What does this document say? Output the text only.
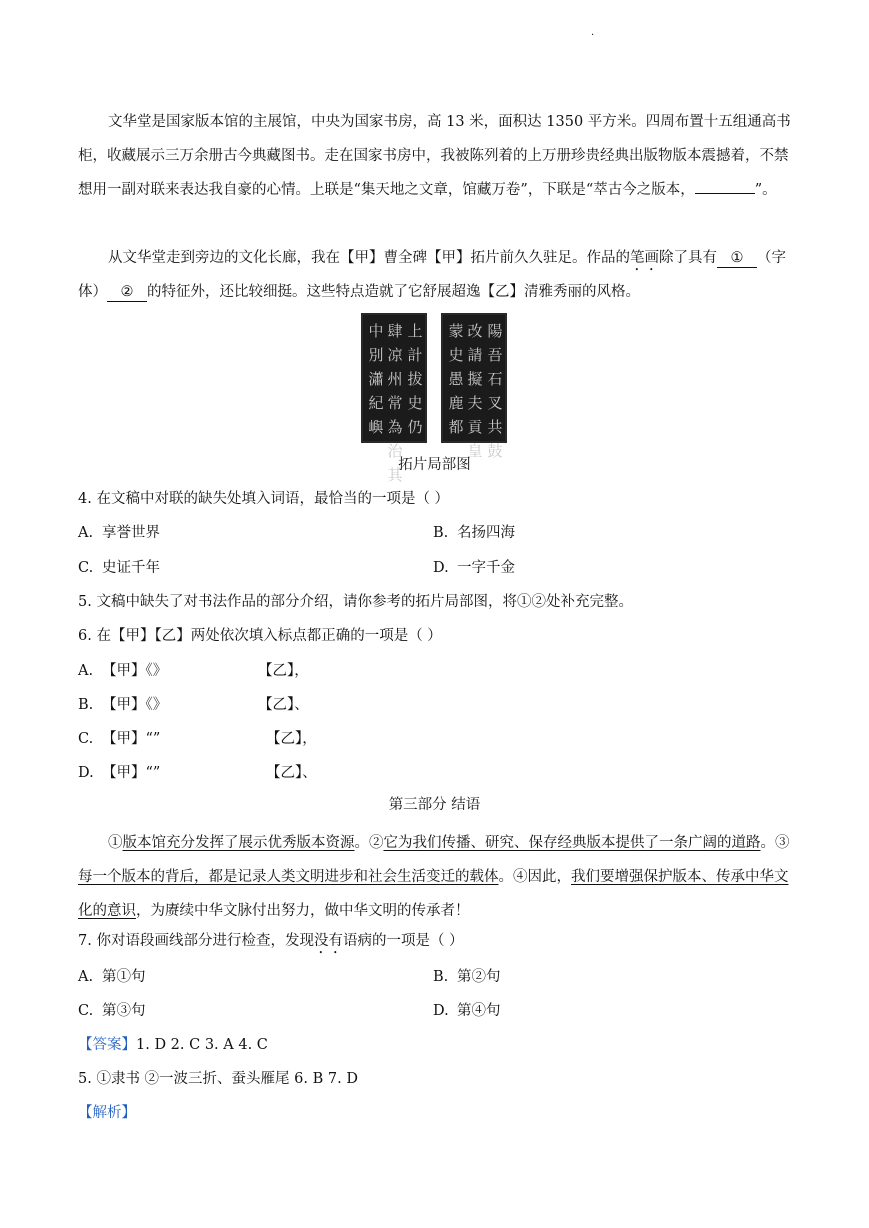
·
文华堂是国家版本馆的主展馆，中央为国家书房，高 13 米，面积达 1350 平方米。四周布置十五组通高书柜，收藏展示三万余册古今典藏图书。走在国家书房中，我被陈列着的上万册珍贵经典出版物版本震撼着，不禁想用一副对联来表达我自豪的心情。上联是“集天地之文章，馆藏万卷”，下联是“萃古今之版本，	”。
从文华堂走到旁边的文化长廊，我在【甲】曹全碑【甲】拓片前久久驻足。作品的笔画除了具有 ① （字体） ② 的特征外，还比较细挺。这些特点造就了它舒展超逸【乙】清雅秀丽的风格。
中別瀟紀嶼
肆凉州常為治其
上計拔史仍
蒙史愚鹿都
改請擬夫貢皇
陽吾石叉共鼓
拓片局部图
4. 在文稿中对联的缺失处填入词语，最恰当的一项是（ ）
A. 享誉世界	B. 名扬四海
C. 史证千年	D. 一字千金
5. 文稿中缺失了对书法作品的部分介绍，请你参考的拓片局部图，将①②处补充完整。
6. 在【甲】【乙】两处依次填入标点都正确的一项是（ ）
A. 【甲】《》	【乙】，
B. 【甲】《》	【乙】、
C. 【甲】“”	【乙】，
D. 【甲】“”	【乙】、
第三部分 结语
①版本馆充分发挥了展示优秀版本资源。②它为我们传播、研究、保存经典版本提供了一条广阔的道路。③每一个版本的背后，都是记录人类文明进步和社会生活变迁的载体。④因此，我们要增强保护版本、传承中华文化的意识，为赓续中华文脉付出努力，做中华文明的传承者！
7. 你对语段画线部分进行检查，发现没有语病的一项是（ ）
A. 第①句	B. 第②句
C. 第③句	D. 第④句
【答案】1. D 2. C 3. A 4. C
5. ①隶书 ②一波三折、蚕头雁尾 6. B 7. D
【解析】
